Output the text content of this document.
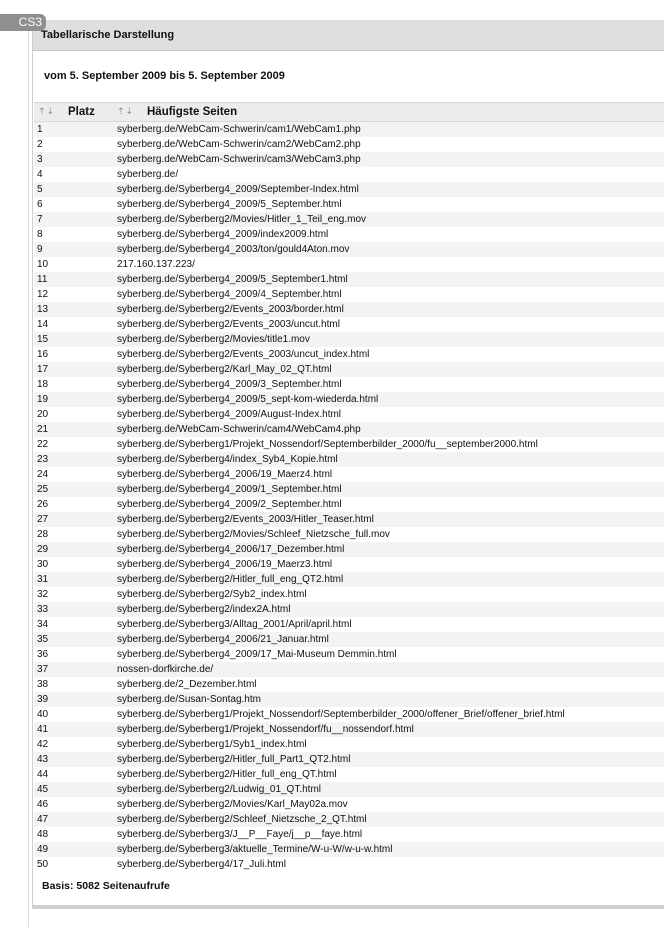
CS3
Tabellarische Darstellung
vom 5. September 2009 bis 5. September 2009
⇡⇣ Platz	⇡⇣ Häufigste Seiten
1	syberberg.de/WebCam-Schwerin/cam1/WebCam1.php
2	syberberg.de/WebCam-Schwerin/cam2/WebCam2.php
3	syberberg.de/WebCam-Schwerin/cam3/WebCam3.php
4	syberberg.de/
5	syberberg.de/Syberberg4_2009/September-Index.html
6	syberberg.de/Syberberg4_2009/5_September.html
7	syberberg.de/Syberberg2/Movies/Hitler_1_Teil_eng.mov
8	syberberg.de/Syberberg4_2009/index2009.html
9	syberberg.de/Syberberg4_2003/ton/gould4Aton.mov
10	217.160.137.223/
11	syberberg.de/Syberberg4_2009/5_September1.html
12	syberberg.de/Syberberg4_2009/4_September.html
13	syberberg.de/Syberberg2/Events_2003/border.html
14	syberberg.de/Syberberg2/Events_2003/uncut.html
15	syberberg.de/Syberberg2/Movies/title1.mov
16	syberberg.de/Syberberg2/Events_2003/uncut_index.html
17	syberberg.de/Syberberg2/Karl_May_02_QT.html
18	syberberg.de/Syberberg4_2009/3_September.html
19	syberberg.de/Syberberg4_2009/5_sept-kom-wiederda.html
20	syberberg.de/Syberberg4_2009/August-Index.html
21	syberberg.de/WebCam-Schwerin/cam4/WebCam4.php
22	syberberg.de/Syberberg1/Projekt_Nossendorf/Septemberbilder_2000/fu__september2000.html
23	syberberg.de/Syberberg4/index_Syb4_Kopie.html
24	syberberg.de/Syberberg4_2006/19_Maerz4.html
25	syberberg.de/Syberberg4_2009/1_September.html
26	syberberg.de/Syberberg4_2009/2_September.html
27	syberberg.de/Syberberg2/Events_2003/Hitler_Teaser.html
28	syberberg.de/Syberberg2/Movies/Schleef_Nietzsche_full.mov
29	syberberg.de/Syberberg4_2006/17_Dezember.html
30	syberberg.de/Syberberg4_2006/19_Maerz3.html
31	syberberg.de/Syberberg2/Hitler_full_eng_QT2.html
32	syberberg.de/Syberberg2/Syb2_index.html
33	syberberg.de/Syberberg2/index2A.html
34	syberberg.de/Syberberg3/Alltag_2001/April/april.html
35	syberberg.de/Syberberg4_2006/21_Januar.html
36	syberberg.de/Syberberg4_2009/17_Mai-Museum Demmin.html
37	nossen-dorfkirche.de/
38	syberberg.de/2_Dezember.html
39	syberberg.de/Susan-Sontag.htm
40	syberberg.de/Syberberg1/Projekt_Nossendorf/Septemberbilder_2000/offener_Brief/offener_brief.html
41	syberberg.de/Syberberg1/Projekt_Nossendorf/fu__nossendorf.html
42	syberberg.de/Syberberg1/Syb1_index.html
43	syberberg.de/Syberberg2/Hitler_full_Part1_QT2.html
44	syberberg.de/Syberberg2/Hitler_full_eng_QT.html
45	syberberg.de/Syberberg2/Ludwig_01_QT.html
46	syberberg.de/Syberberg2/Movies/Karl_May02a.mov
47	syberberg.de/Syberberg2/Schleef_Nietzsche_2_QT.html
48	syberberg.de/Syberberg3/J__P__Faye/j__p__faye.html
49	syberberg.de/Syberberg3/aktuelle_Termine/W-u-W/w-u-w.html
50	syberberg.de/Syberberg4/17_Juli.html
Basis: 5082 Seitenaufrufe
